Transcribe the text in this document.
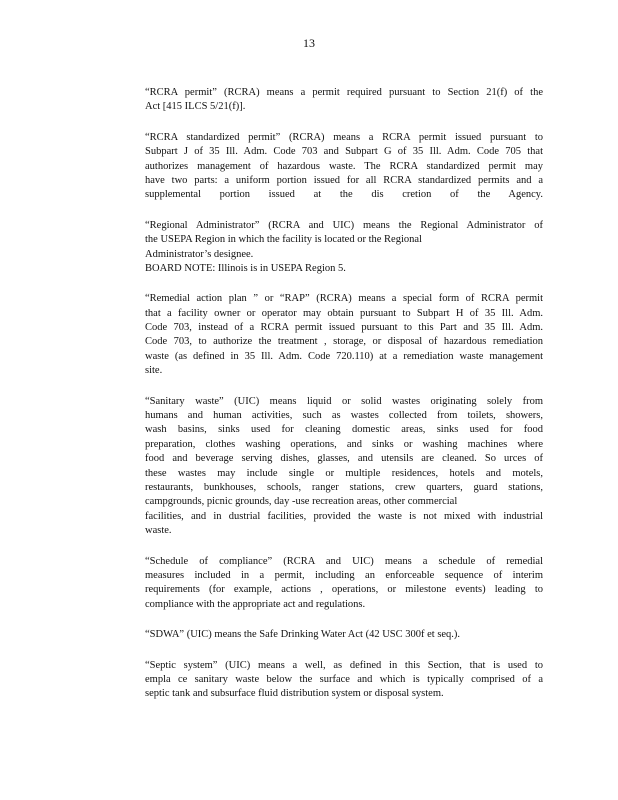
13
“RCRA permit” (RCRA) means a permit required pursuant to Section 21(f) of the
Act [415 ILCS 5/21(f)].
“RCRA standardized permit” (RCRA) means a RCRA permit issued pursuant to
Subpart J of 35 Ill. Adm. Code 703 and Subpart G of 35 Ill. Adm. Code 705 that
authorizes management of hazardous waste. The RCRA standardized permit may
have two parts: a uniform portion issued for all RCRA standardized permits and a
supplemental portion issued at the dis cretion of the Agency.
“Regional Administrator” (RCRA and UIC) means the Regional Administrator of
the USEPA Region in which the facility is located or the Regional
Administrator’s designee.
BOARD NOTE: Illinois is in USEPA Region 5.
“Remedial action plan ” or “RAP” (RCRA) means a special form of RCRA permit
that a facility owner or operator may obtain pursuant to Subpart H of 35 Ill. Adm.
Code 703, instead of a RCRA permit issued pursuant to this Part and 35 Ill. Adm.
Code 703, to authorize the treatment , storage, or disposal of hazardous remediation
waste (as defined in 35 Ill. Adm. Code 720.110) at a remediation waste management
site.
“Sanitary waste” (UIC) means liquid or solid wastes originating solely from
humans and human activities, such as wastes collected from toilets, showers,
wash basins, sinks used for cleaning domestic areas, sinks used for food
preparation, clothes washing operations, and sinks or washing machines where
food and beverage serving dishes, glasses, and utensils are cleaned. So urces of
these wastes may include single or multiple residences, hotels and motels,
restaurants, bunkhouses, schools, ranger stations, crew quarters, guard stations,
campgrounds, picnic grounds, day -use recreation areas, other commercial
facilities, and in dustrial facilities, provided the waste is not mixed with industrial
waste.
“Schedule of compliance” (RCRA and UIC) means a schedule of remedial
measures included in a permit, including an enforceable sequence of interim
requirements (for example, actions , operations, or milestone events) leading to
compliance with the appropriate act and regulations.
“SDWA” (UIC) means the Safe Drinking Water Act (42 USC 300f et seq.).
“Septic system” (UIC) means a well, as defined in this Section, that is used to
empla ce sanitary waste below the surface and which is typically comprised of a
septic tank and subsurface fluid distribution system or disposal system.
